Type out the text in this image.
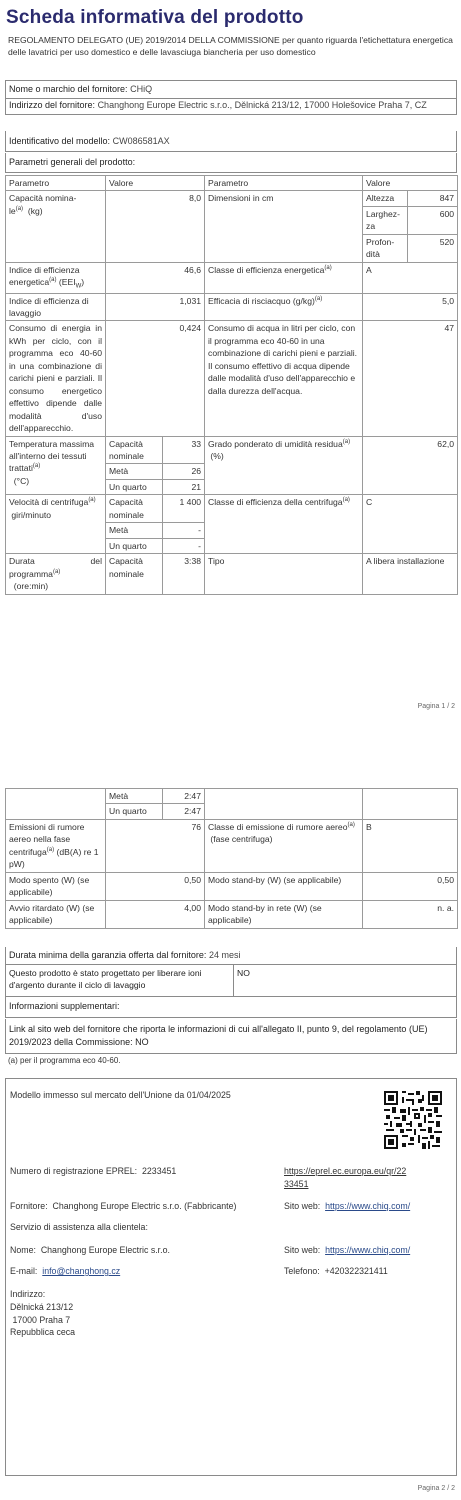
Scheda informativa del prodotto
REGOLAMENTO DELEGATO (UE) 2019/2014 DELLA COMMISSIONE per quanto riguarda l'etichettatura energetica delle lavatrici per uso domestico e delle lavasciuga biancheria per uso domestico
Nome o marchio del fornitore: CHiQ
Indirizzo del fornitore: Changhong Europe Electric s.r.o., Dělnická 213/12, 17000 Holešovice Praha 7, CZ
Identificativo del modello: CW086581AX
Parametri generali del prodotto:
Parametro	Valore		Parametro	Valore	
Capacità nomina-
$le^{(a)}$ (kg)	8,0		Dimensioni in cm	Altezza	847
				Larghez-za	600
				Profon-dità	520
Indice di efficienza energetica$^{(a)}$ $(EEI_W)$	46,6		Classe di efficienza energetica$^{(a)}$	A	
Indice di efficienza di lavaggio	1,031		Efficacia di risciacquo $(g/kg)^{(a)}$	5,0	
Consumo di energia in kWh per ciclo, con il programma eco 40-60 in una combinazione di carichi pieni e parziali. Il consumo energetico effettivo dipende dalle modalità d'uso dell'apparecchio.	0,424		Consumo di acqua in litri per ciclo, con il programma eco 40-60 in una combinazione di carichi pieni e parziali. Il consumo effettivo di acqua dipende dalle modalità d'uso dell'apparecchio e dalla durezza dell'acqua.	47	
Temperatura massima all'interno dei tessuti trattati$^{(a)}$
(°C)	Capacità nominale	33	Grado ponderato di umidità residua$^{(a)}$  (%)	62,0	
	Metà	26			
	Un quarto	21			
Velocità di centrifuga$^{(a)}$  giri/minuto	Capacità nominale	1 400	Classe di efficienza della centrifuga$^{(a)}$	C	
	Metà	-			
	Un quarto	-			
Durata del programma$^{(a)}$
(ore:min)	Capacità nominale	3:38	Tipo	A libera installazione	
Pagina 1 / 2
	Metà	2:47		
	Un quarto	2:47		
Emissioni di rumore aereo nella fase centrifuga$^{(a)}$ (dB(A) re 1 pW)	76		Classe di emissione di rumore aereo$^{(a)}$  (fase centrifuga)	B
Modo spento (W) (se applicabile)	0,50		Modo stand-by (W) (se applicabile)	0,50
Avvio ritardato (W) (se applicabile)	4,00		Modo stand-by in rete (W) (se applicabile)	n. a.
Durata minima della garanzia offerta dal fornitore: 24 mesi
Questo prodotto è stato progettato per liberare ioni d'argento durante il ciclo di lavaggio
NO
Informazioni supplementari:
Link al sito web del fornitore che riporta le informazioni di cui all'allegato II, punto 9, del regolamento (UE) 2019/2023 della Commissione: NO
(a) per il programma eco 40-60.
Modello immesso sul mercato dell'Unione da 01/04/2025
Numero di registrazione EPREL: 2233451	https://eprel.ec.europa.eu/qr/22
33451
Fornitore: Changhong Europe Electric s.r.o. (Fabbricante)	Sito web: https://www.chiq.com/
Servizio di assistenza alla clientela:
Nome: Changhong Europe Electric s.r.o.	Sito web: https://www.chiq.com/
E-mail: info@changhong.cz	Telefono: +420322321411
Indirizzo:
Dělnická 213/12
17000 Praha 7
Repubblica ceca
Pagina 2 / 2
